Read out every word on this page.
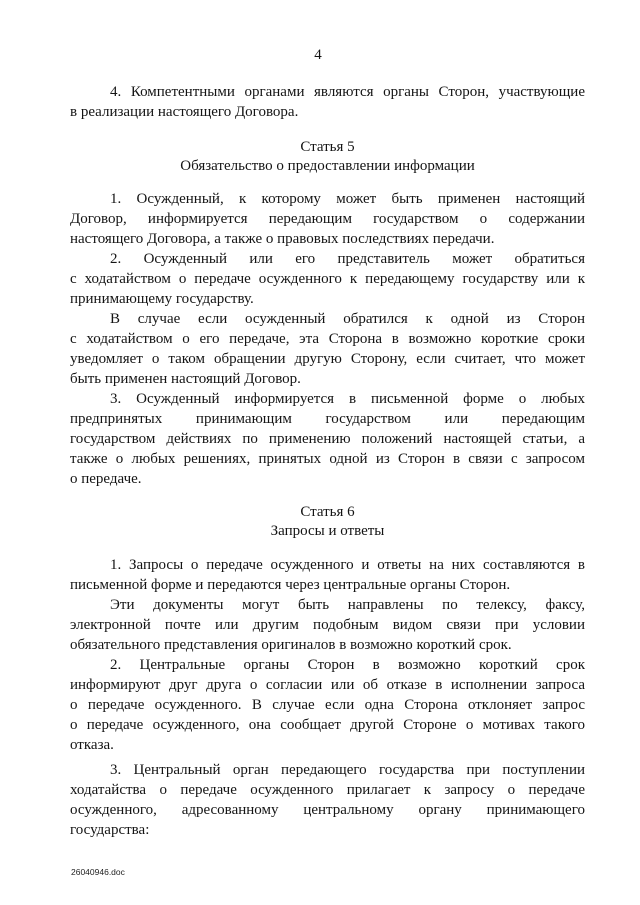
4
4. Компетентными органами являются органы Сторон, участвующие
в реализации настоящего Договора.
Статья 5
Обязательство о предоставлении информации
1. Осужденный, к которому может быть применен настоящий
Договор, информируется передающим государством о содержании
настоящего Договора, а также о правовых последствиях передачи.
2. Осужденный или его представитель может обратиться
с ходатайством о передаче осужденного к передающему государству или к
принимающему государству.
В случае если осужденный обратился к одной из Сторон
с ходатайством о его передаче, эта Сторона в возможно короткие сроки
уведомляет о таком обращении другую Сторону, если считает, что может
быть применен настоящий Договор.
3. Осужденный информируется в письменной форме о любых
предпринятых принимающим государством или передающим
государством действиях по применению положений настоящей статьи, а
также о любых решениях, принятых одной из Сторон в связи с запросом
о передаче.
Статья 6
Запросы и ответы
1. Запросы о передаче осужденного и ответы на них составляются в
письменной форме и передаются через центральные органы Сторон.
Эти документы могут быть направлены по телексу, факсу,
электронной почте или другим подобным видом связи при условии
обязательного представления оригиналов в возможно короткий срок.
2. Центральные органы Сторон в возможно короткий срок
информируют друг друга о согласии или об отказе в исполнении запроса
о передаче осужденного. В случае если одна Сторона отклоняет запрос
о передаче осужденного, она сообщает другой Стороне о мотивах такого
отказа.
3. Центральный орган передающего государства при поступлении
ходатайства о передаче осужденного прилагает к запросу о передаче
осужденного, адресованному центральному органу принимающего
государства:
26040946.doc
